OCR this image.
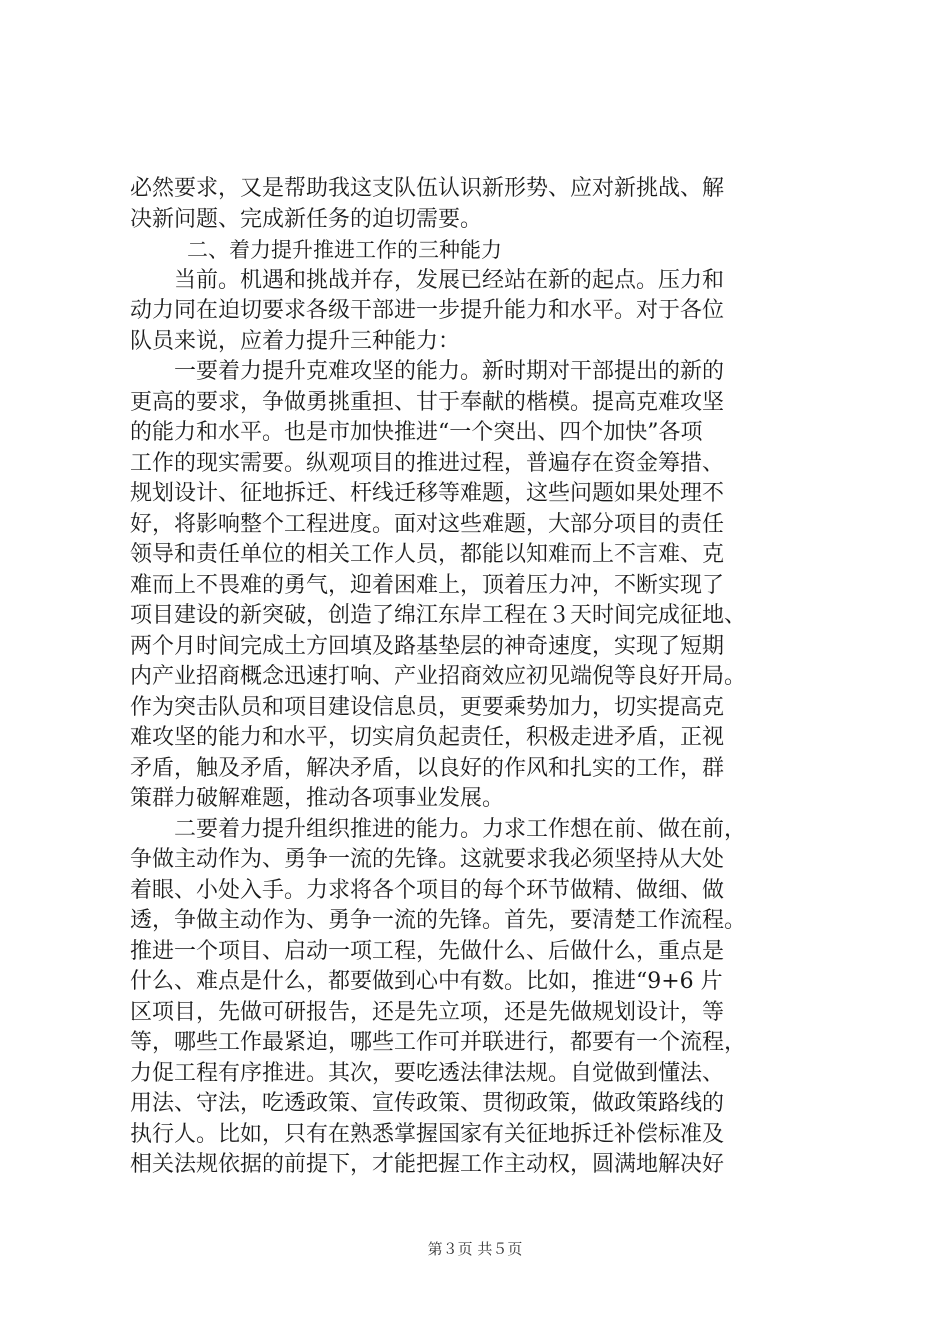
必然要求，又是帮助我这支队伍认识新形势、应对新挑战、解
决新问题、完成新任务的迫切需要。
二、着力提升推进工作的三种能力
　　当前。机遇和挑战并存，发展已经站在新的起点。压力和
动力同在迫切要求各级干部进一步提升能力和水平。对于各位
队员来说，应着力提升三种能力：
　　一要着力提升克难攻坚的能力。新时期对干部提出的新的
更高的要求，争做勇挑重担、甘于奉献的楷模。提高克难攻坚
的能力和水平。也是市加快推进“一个突出、四个加快”各项
工作的现实需要。纵观项目的推进过程，普遍存在资金筹措、
规划设计、征地拆迁、杆线迁移等难题，这些问题如果处理不
好，将影响整个工程进度。面对这些难题，大部分项目的责任
领导和责任单位的相关工作人员，都能以知难而上不言难、克
难而上不畏难的勇气，迎着困难上，顶着压力冲，不断实现了
项目建设的新突破，创造了绵江东岸工程在３天时间完成征地、
两个月时间完成土方回填及路基垫层的神奇速度，实现了短期
内产业招商概念迅速打响、产业招商效应初见端倪等良好开局。
作为突击队员和项目建设信息员，更要乘势加力，切实提高克
难攻坚的能力和水平，切实肩负起责任，积极走进矛盾，正视
矛盾，触及矛盾，解决矛盾，以良好的作风和扎实的工作，群
策群力破解难题，推动各项事业发展。
　　二要着力提升组织推进的能力。力求工作想在前、做在前，
争做主动作为、勇争一流的先锋。这就要求我必须坚持从大处
着眼、小处入手。力求将各个项目的每个环节做精、做细、做
透，争做主动作为、勇争一流的先锋。首先，要清楚工作流程。
推进一个项目、启动一项工程，先做什么、后做什么，重点是
什么、难点是什么，都要做到心中有数。比如，推进“9+6 片
区项目，先做可研报告，还是先立项，还是先做规划设计，等
等，哪些工作最紧迫，哪些工作可并联进行，都要有一个流程，
力促工程有序推进。其次，要吃透法律法规。自觉做到懂法、
用法、守法，吃透政策、宣传政策、贯彻政策，做政策路线的
执行人。比如，只有在熟悉掌握国家有关征地拆迁补偿标准及
相关法规依据的前提下，才能把握工作主动权，圆满地解决好
第３页 共５页
